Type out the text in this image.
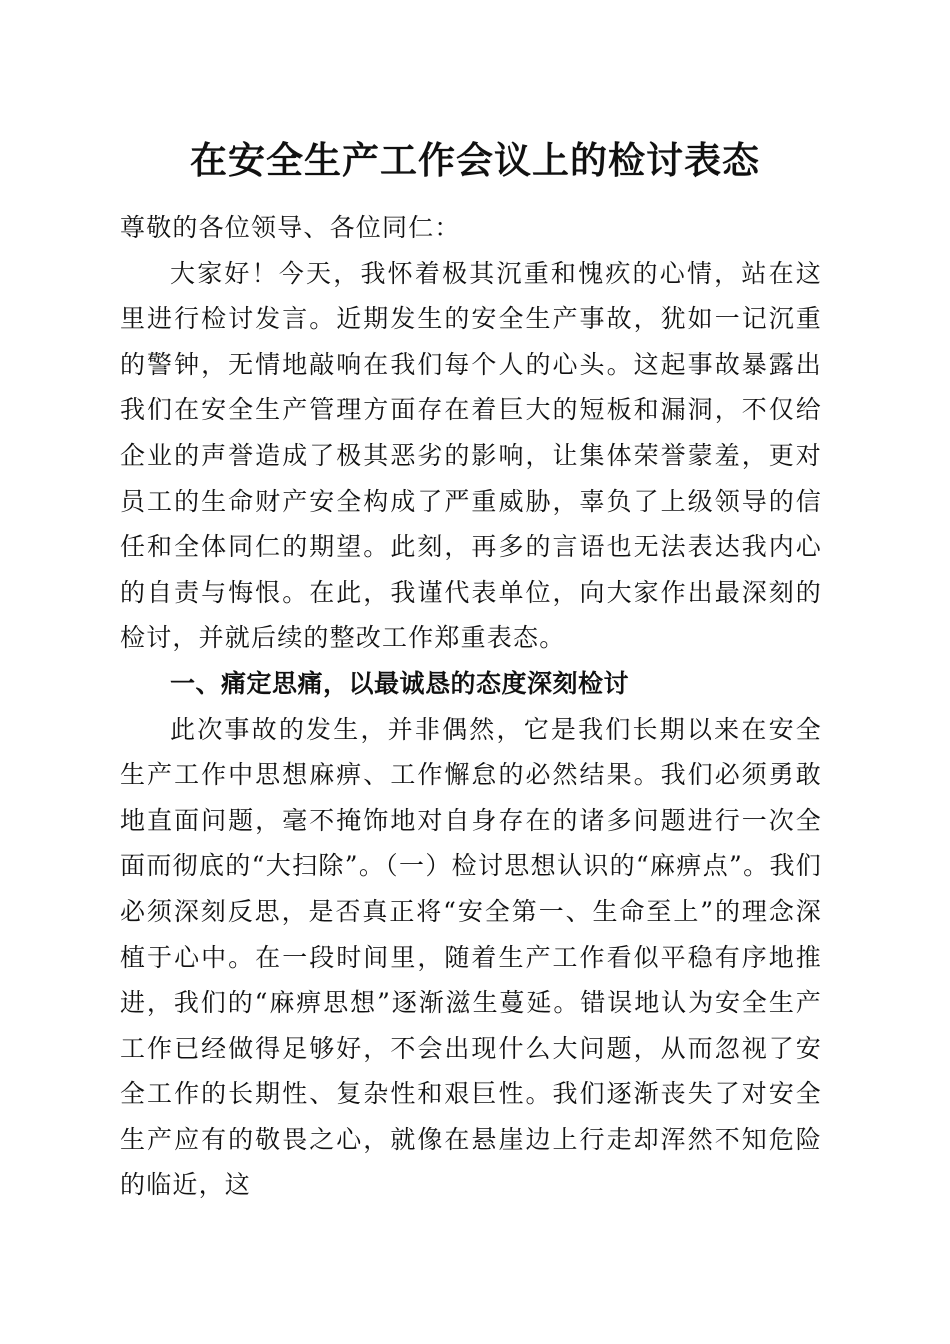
在安全生产工作会议上的检讨表态

尊敬的各位领导、各位同仁：

大家好！今天，我怀着极其沉重和愧疚的心情，站在这里进行检讨发言。近期发生的安全生产事故，犹如一记沉重的警钟，无情地敲响在我们每个人的心头。这起事故暴露出我们在安全生产管理方面存在着巨大的短板和漏洞，不仅给企业的声誉造成了极其恶劣的影响，让集体荣誉蒙羞，更对员工的生命财产安全构成了严重威胁，辜负了上级领导的信任和全体同仁的期望。此刻，再多的言语也无法表达我内心的自责与悔恨。在此，我谨代表单位，向大家作出最深刻的检讨，并就后续的整改工作郑重表态。

一、痛定思痛，以最诚恳的态度深刻检讨

此次事故的发生，并非偶然，它是我们长期以来在安全生产工作中思想麻痹、工作懈怠的必然结果。我们必须勇敢地直面问题，毫不掩饰地对自身存在的诸多问题进行一次全面而彻底的“大扫除”。（一）检讨思想认识的“麻痹点”。我们必须深刻反思，是否真正将“安全第一、生命至上”的理念深植于心中。在一段时间里，随着生产工作看似平稳有序地推进，我们的“麻痹思想”逐渐滋生蔓延。错误地认为安全生产工作已经做得足够好，不会出现什么大问题，从而忽视了安全工作的长期性、复杂性和艰巨性。我们逐渐丧失了对安全生产应有的敬畏之心，就像在悬崖边上行走却浑然不知危险的临近，这
